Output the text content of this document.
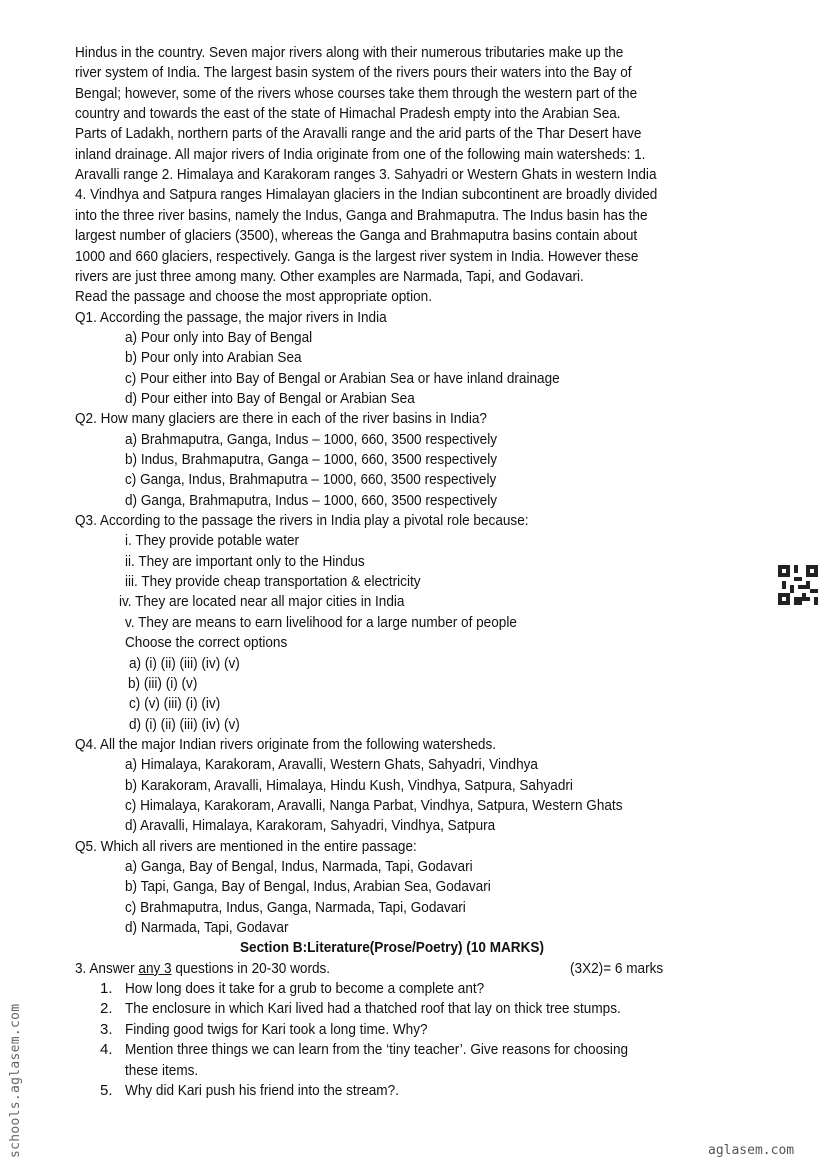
Hindus in the country. Seven major rivers along with their numerous tributaries make up the
river system of India. The largest basin system of the rivers pours their waters into the Bay of
Bengal; however, some of the rivers whose courses take them through the western part of the
country and towards the east of the state of Himachal Pradesh empty into the Arabian Sea.
Parts of Ladakh, northern parts of the Aravalli range and the arid parts of the Thar Desert have
inland drainage. All major rivers of India originate from one of the following main watersheds: 1.
Aravalli range 2. Himalaya and Karakoram ranges 3. Sahyadri or Western Ghats in western India
4. Vindhya and Satpura ranges Himalayan glaciers in the Indian subcontinent are broadly divided
into the three river basins, namely the Indus, Ganga and Brahmaputra. The Indus basin has the
largest number of glaciers (3500), whereas the Ganga and Brahmaputra basins contain about
1000 and 660 glaciers, respectively. Ganga is the largest river system in India. However these
rivers are just three among many. Other examples are Narmada, Tapi, and Godavari.
Read the passage and choose the most appropriate option.
Q1. According the passage, the major rivers in India
a) Pour only into Bay of Bengal
b) Pour only into Arabian Sea
c) Pour either into Bay of Bengal or Arabian Sea or have inland drainage
d) Pour either into Bay of Bengal or Arabian Sea
Q2. How many glaciers are there in each of the river basins in India?
a) Brahmaputra, Ganga, Indus – 1000, 660, 3500 respectively
b) Indus, Brahmaputra, Ganga – 1000, 660, 3500 respectively
c) Ganga, Indus, Brahmaputra – 1000, 660, 3500 respectively
d) Ganga, Brahmaputra, Indus – 1000, 660, 3500 respectively
Q3. According to the passage the rivers in India play a pivotal role because:
i. They provide potable water
ii. They are important only to the Hindus
iii. They provide cheap transportation & electricity
iv. They are located near all major cities in India
v. They are means to earn livelihood for a large number of people
Choose the correct options
a) (i) (ii) (iii) (iv) (v)
b) (iii) (i) (v)
c) (v) (iii) (i) (iv)
d) (i) (ii) (iii) (iv) (v)
Q4. All the major Indian rivers originate from the following watersheds.
a) Himalaya, Karakoram, Aravalli, Western Ghats, Sahyadri, Vindhya
b) Karakoram, Aravalli, Himalaya, Hindu Kush, Vindhya, Satpura, Sahyadri
c) Himalaya, Karakoram, Aravalli, Nanga Parbat, Vindhya, Satpura, Western Ghats
d) Aravalli, Himalaya, Karakoram, Sahyadri, Vindhya, Satpura
Q5. Which all rivers are mentioned in the entire passage:
a) Ganga, Bay of Bengal, Indus, Narmada, Tapi, Godavari
b) Tapi, Ganga, Bay of Bengal, Indus, Arabian Sea, Godavari
c) Brahmaputra, Indus, Ganga, Narmada, Tapi, Godavari
d) Narmada, Tapi, Godavar
Section B:Literature(Prose/Poetry) (10 MARKS)
3. Answer any 3 questions in 20-30 words.	(3X2)= 6 marks
1. How long does it take for a grub to become a complete ant?
2. The enclosure in which Kari lived had a thatched roof that lay on thick tree stumps.
3. Finding good twigs for Kari took a long time. Why?
4. Mention three things we can learn from the ‘tiny teacher’. Give reasons for choosing
these items.
5. Why did Kari push his friend into the stream?.
schools.aglasem.com	aglasem.com
